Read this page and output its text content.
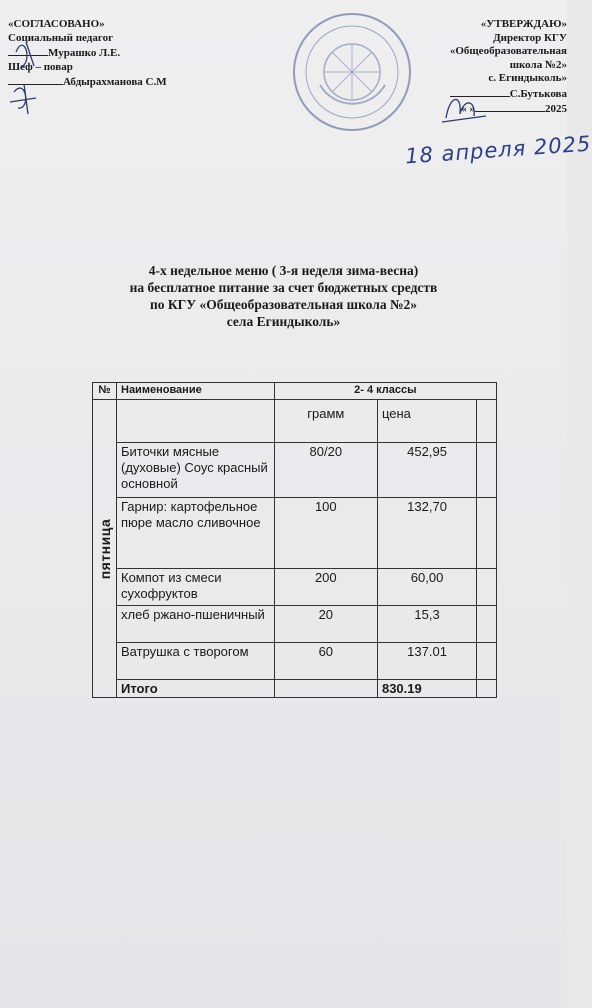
«СОГЛАСОВАНО»
Социальный педагог
Мурашко Л.Е.
Шеф – повар
Абдырахманова С.М
«УТВЕРЖДАЮ»
Директор КГУ
«Общеобразовательная
школа №2»
с. Егиндыколь»
С.Бутькова
« »	2025
18 апреля 2025
4-х недельное меню ( 3-я неделя зима-весна)
на бесплатное питание за счет бюджетных средств
по КГУ «Общеобразовательная школа №2»
села Егиндыколь»
№	Наименование	2- 4 классы		

пятница		грамм	цена	
	Биточки мясные (духовые) Соус красный основной	80/20	452,95	
	Гарнир: картофельное пюре масло сливочное	100	132,70	
	Компот из смеси сухофруктов	200	60,00	
	хлеб ржано-пшеничный	20	15,3	
	Ватрушка с творогом	60	137.01	
	Итого		830.19	
